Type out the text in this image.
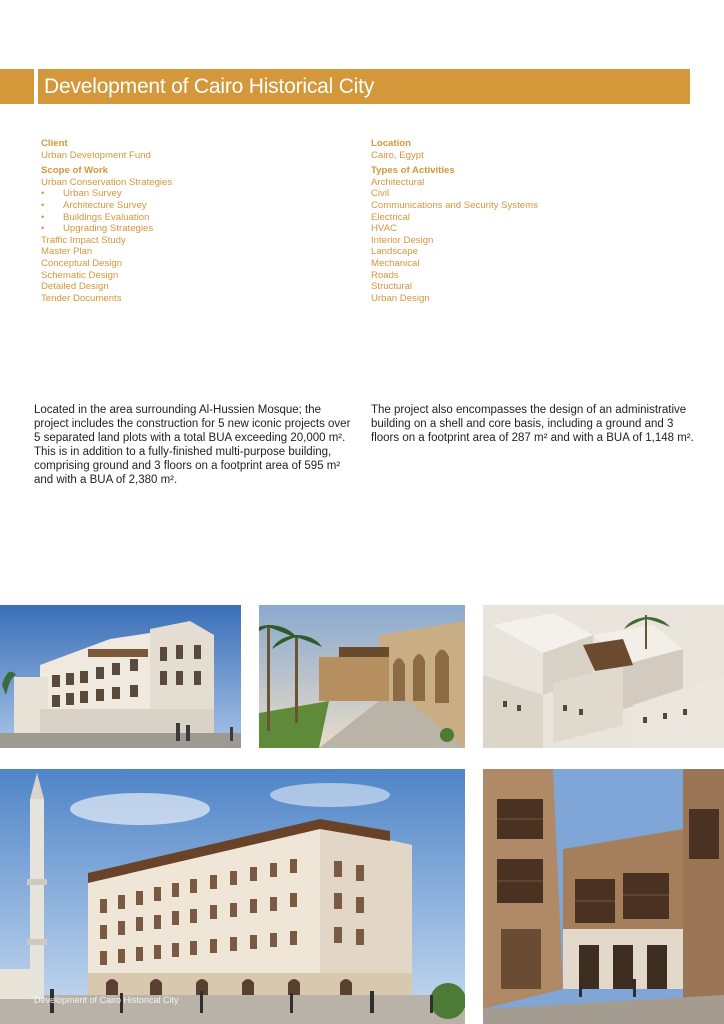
Development of Cairo Historical City
Client
Urban Development Fund
Scope of Work
Urban Conservation Strategies
• Urban Survey
• Architecture Survey
• Buildings Evaluation
• Upgrading Strategies
Traffic Impact Study
Master Plan
Conceptual Design
Schematic Design
Detailed Design
Tender Documents
Location
Cairo, Egypt
Types of Activities
Architectural
Civil
Communications and Security Systems
Electrical
HVAC
Interior Design
Landscape
Mechanical
Roads
Structural
Urban Design
Located in the area surrounding Al-Hussien Mosque; the project includes the construction for 5 new iconic projects over 5 separated land plots with a total BUA exceeding 20,000 m². This is in addition to a fully-finished multi-purpose building, comprising ground and 3 floors on a footprint area of 595 m² and with a BUA of 2,380 m².
The project also encompasses the design of an administrative building on a shell and core basis, including a ground and 3 floors on a footprint area of 287 m² and with a BUA of 1,148 m².
Development of Cairo Historical City
